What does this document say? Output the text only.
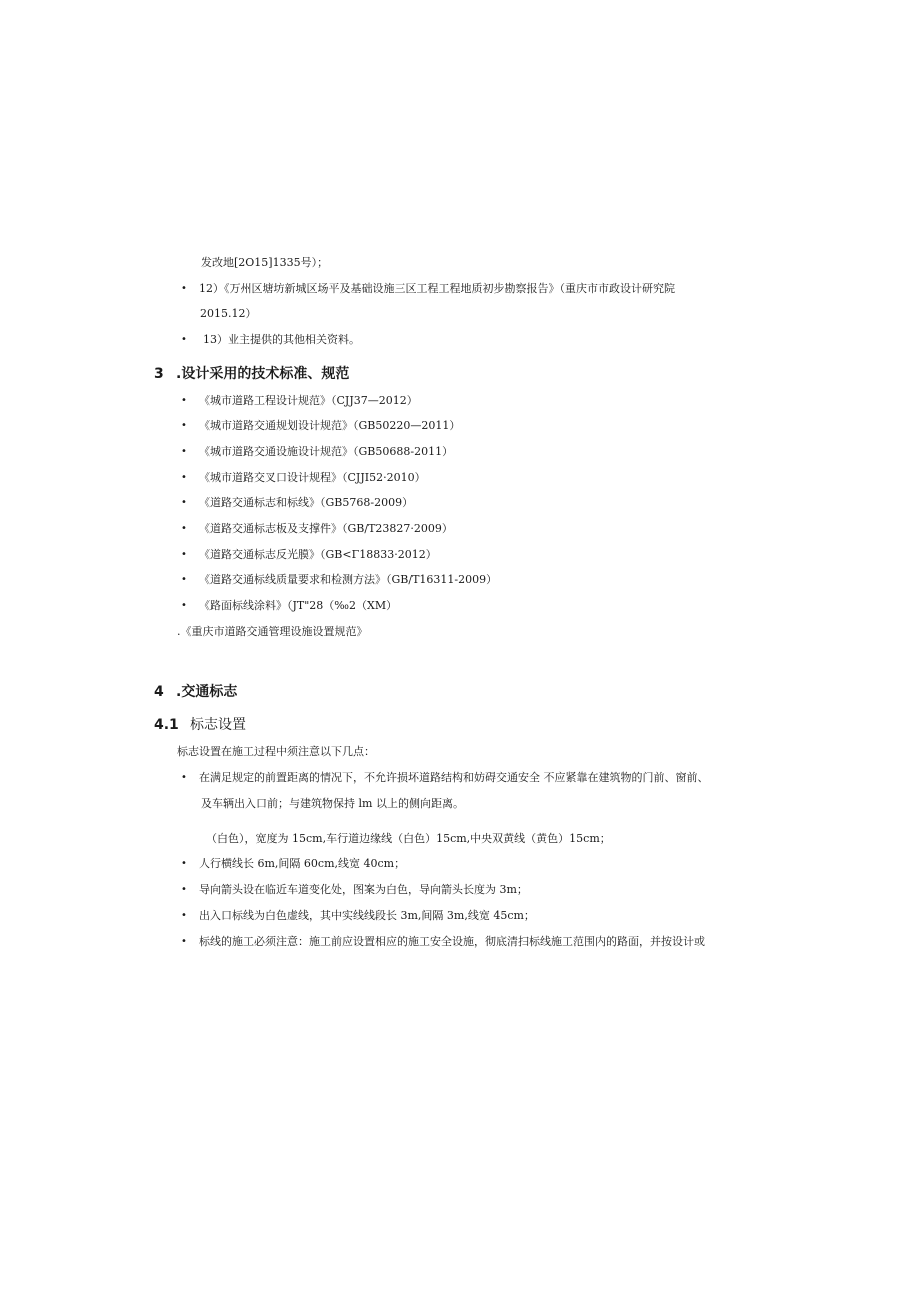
发改地[2O15]1335号）；
• 12）《万州区塘坊新城区场平及基础设施三区工程工程地质初步勘察报告》（重庆市市政设计研究院
2015.12）
• 13）业主提供的其他相关资料。
3 .设计采用的技术标准、规范
• 《城市道路工程设计规范》（CJJ37—2012）
• 《城市道路交通规划设计规范》（GB50220—2011）
• 《城市道路交通设施设计规范》（GB50688-2011）
• 《城市道路交叉口设计规程》（CJJI52·2010）
• 《道路交通标志和标线》（GB5768-2009）
• 《道路交通标志板及支撑件》（GB/T23827·2009）
• 《道路交通标志反光膜》（GB<Γ18833·2012）
• 《道路交通标线质量要求和检测方法》（GB/T16311-2009）
• 《路面标线涂料》（JT"28（‰2（XM）
.《重庆市道路交通管理设施设置规范》
4 .交通标志
4.1 标志设置
标志设置在施工过程中须注意以下几点：
• 在满足规定的前置距离的情况下，不允许损坏道路结构和妨碍交通安全 不应紧靠在建筑物的门前、窗前、
及车辆出入口前；与建筑物保持 lm 以上的侧向距离。
（白色），宽度为 15cm,车行道边缘线（白色）15cm,中央双黄线（黄色）15cm；
• 人行横线长 6m,间隔 60cm,线宽 40cm；
• 导向箭头设在临近车道变化处，图案为白色，导向箭头长度为 3m；
• 出入口标线为白色虚线，其中实线线段长 3m,间隔 3m,线宽 45cm；
• 标线的施工必须注意：施工前应设置相应的施工安全设施，彻底清扫标线施工范围内的路面，并按设计或
